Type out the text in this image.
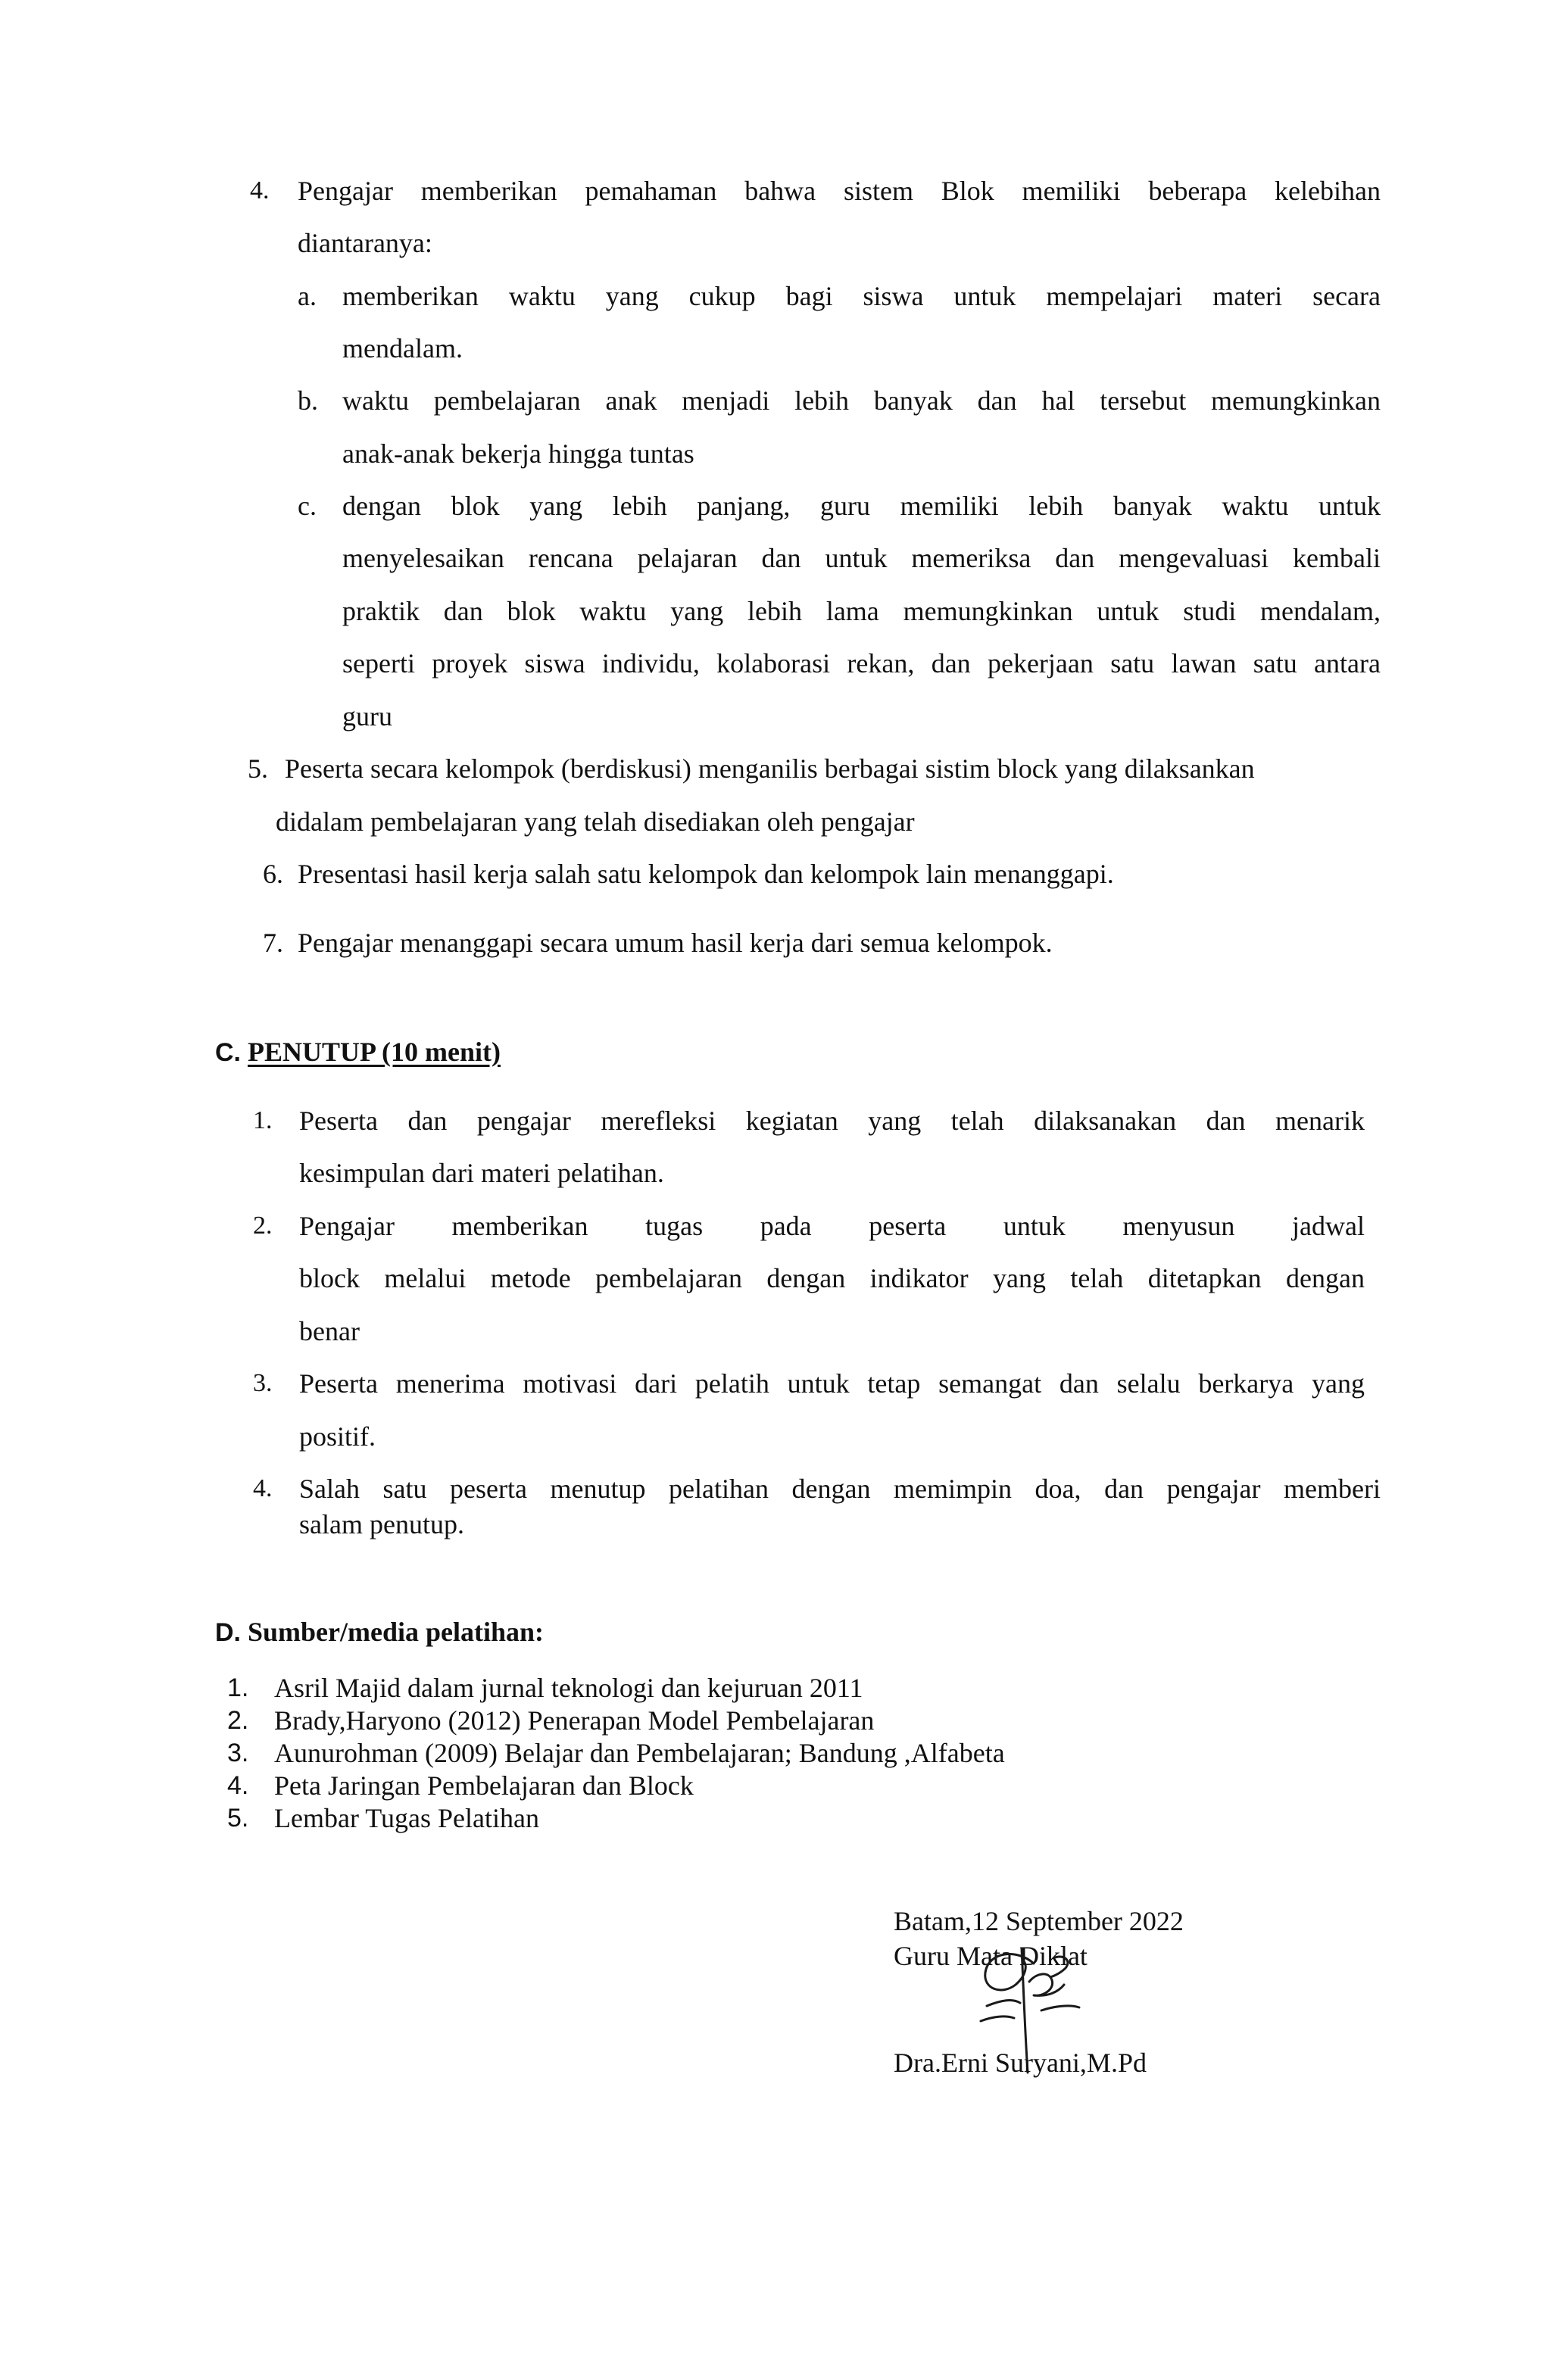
4. Pengajar memberikan pemahaman bahwa sistem Blok memiliki beberapa kelebihan
diantaranya:
a. memberikan waktu yang cukup bagi siswa untuk mempelajari materi secara
mendalam.
b. waktu pembelajaran anak menjadi lebih banyak dan hal tersebut memungkinkan
anak-anak bekerja hingga tuntas
c. dengan blok yang lebih panjang, guru memiliki lebih banyak waktu untuk
menyelesaikan rencana pelajaran dan untuk memeriksa dan mengevaluasi kembali
praktik dan blok waktu yang lebih lama memungkinkan untuk studi mendalam,
seperti proyek siswa individu, kolaborasi rekan, dan pekerjaan satu lawan satu antara
guru
5. Peserta secara kelompok (berdiskusi) menganilis berbagai sistim block yang dilaksankan
didalam pembelajaran yang telah disediakan oleh pengajar
6. Presentasi hasil kerja salah satu kelompok dan kelompok lain menanggapi.
7. Pengajar menanggapi secara umum hasil kerja dari semua kelompok.
C. PENUTUP (10 menit)
1. Peserta dan pengajar merefleksi kegiatan yang telah dilaksanakan dan menarik
kesimpulan dari materi pelatihan.
2. Pengajar memberikan tugas pada peserta untuk menyusun jadwal
block melalui metode pembelajaran dengan indikator yang telah ditetapkan dengan
benar
3. Peserta menerima motivasi dari pelatih untuk tetap semangat dan selalu berkarya yang
positif.
4. Salah satu peserta menutup pelatihan dengan memimpin doa, dan pengajar memberi
salam penutup.
D. Sumber/media pelatihan:
1. Asril Majid dalam jurnal teknologi dan kejuruan 2011
2. Brady,Haryono (2012) Penerapan Model Pembelajaran
3. Aunurohman (2009) Belajar dan Pembelajaran; Bandung ,Alfabeta
4. Peta Jaringan Pembelajaran dan Block
5. Lembar Tugas Pelatihan
Batam,12 September 2022
Guru Mata Diklat
Dra.Erni Suryani,M.Pd
